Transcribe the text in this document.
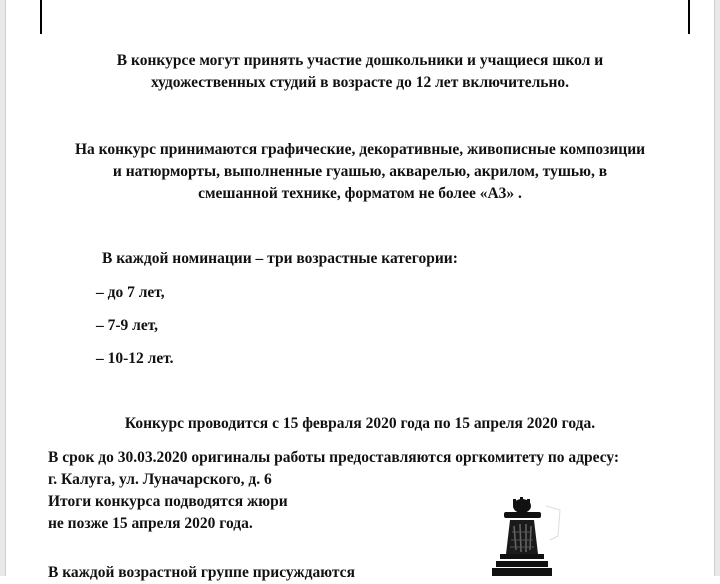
В конкурсе могут принять участие дошкольники и учащиеся школ и
художественных студий в возрасте до 12 лет включительно.
На конкурс принимаются графические, декоративные, живописные композиции
и натюрморты, выполненные гуашью, акварелью, акрилом, тушью, в
смешанной технике, форматом не более «А3» .
В каждой номинации – три возрастные категории:
– до 7 лет,
– 7-9 лет,
– 10-12 лет.
Конкурс проводится с 15 февраля 2020 года по 15 апреля 2020 года.
В срок до 30.03.2020 оригиналы работы предоставляются оргкомитету по адресу:
г. Калуга, ул. Луначарского, д. 6
Итоги конкурса подводятся жюри
не позже 15 апреля 2020 года.
В каждой возрастной группе присуждаются
